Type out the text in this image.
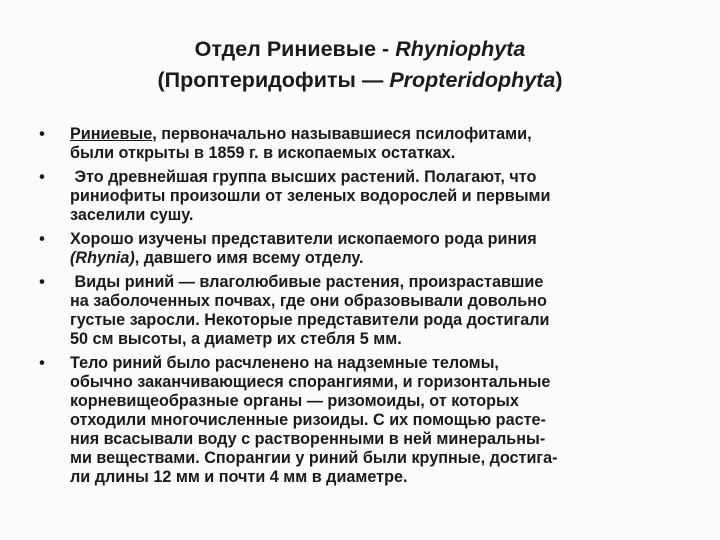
Отдел Риниевые - Rhyniophyta
(Проптеридофиты — Propteridophyta)
• Риниевые, первоначально называвшиеся псилофитами,
были открыты в 1859 г. в ископаемых остатках.
• Это древнейшая группа высших растений. Полагают, что
риниофиты произошли от зеленых водорослей и первыми
заселили сушу.
• Хорошо изучены представители ископаемого рода риния
(Rhynia), давшего имя всему отделу.
• Виды риний — влаголюбивые растения, произраставшие
на заболоченных почвах, где они образовывали довольно
густые заросли. Некоторые представители рода достигали
50 см высоты, а диаметр их стебля 5 мм.
• Тело риний было расчленено на надземные теломы,
обычно заканчивающиеся спорангиями, и горизонтальные
корневищеобразные органы — ризомоиды, от которых
отходили многочисленные ризоиды. С их помощью расте-
ния всасывали воду с растворенными в ней минеральны-
ми веществами. Спорангии у риний были крупные, достига-
ли длины 12 мм и почти 4 мм в диаметре.
